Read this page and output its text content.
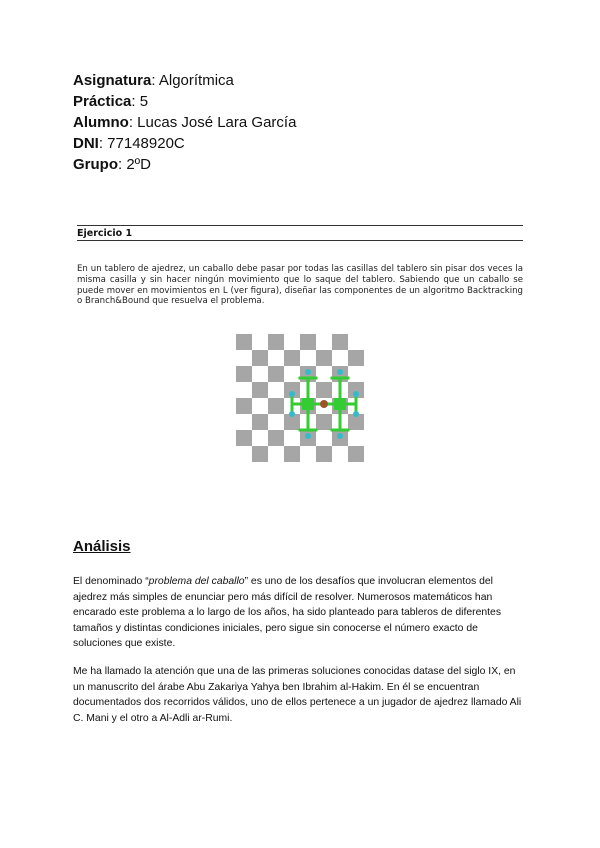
Asignatura: Algorítmica
Práctica: 5
Alumno: Lucas José Lara García
DNI: 77148920C
Grupo: 2ºD
Ejercicio 1
En un tablero de ajedrez, un caballo debe pasar por todas las casillas del tablero sin pisar dos veces la misma casilla y sin hacer ningún movimiento que lo saque del tablero. Sabiendo que un caballo se puede mover en movimientos en L (ver figura), diseñar las componentes de un algoritmo Backtracking o Branch&Bound que resuelva el problema.
Análisis
El denominado “problema del caballo” es uno de los desafíos que involucran elementos del ajedrez más simples de enunciar pero más difícil de resolver. Numerosos matemáticos han encarado este problema a lo largo de los años, ha sido planteado para tableros de diferentes tamaños y distintas condiciones iniciales, pero sigue sin conocerse el número exacto de soluciones que existe.
Me ha llamado la atención que una de las primeras soluciones conocidas datase del siglo IX, en un manuscrito del árabe Abu Zakariya Yahya ben Ibrahim al-Hakim. En él se encuentran documentados dos recorridos válidos, uno de ellos pertenece a un jugador de ajedrez llamado Ali C. Mani y el otro a Al-Adli ar-Rumi.
